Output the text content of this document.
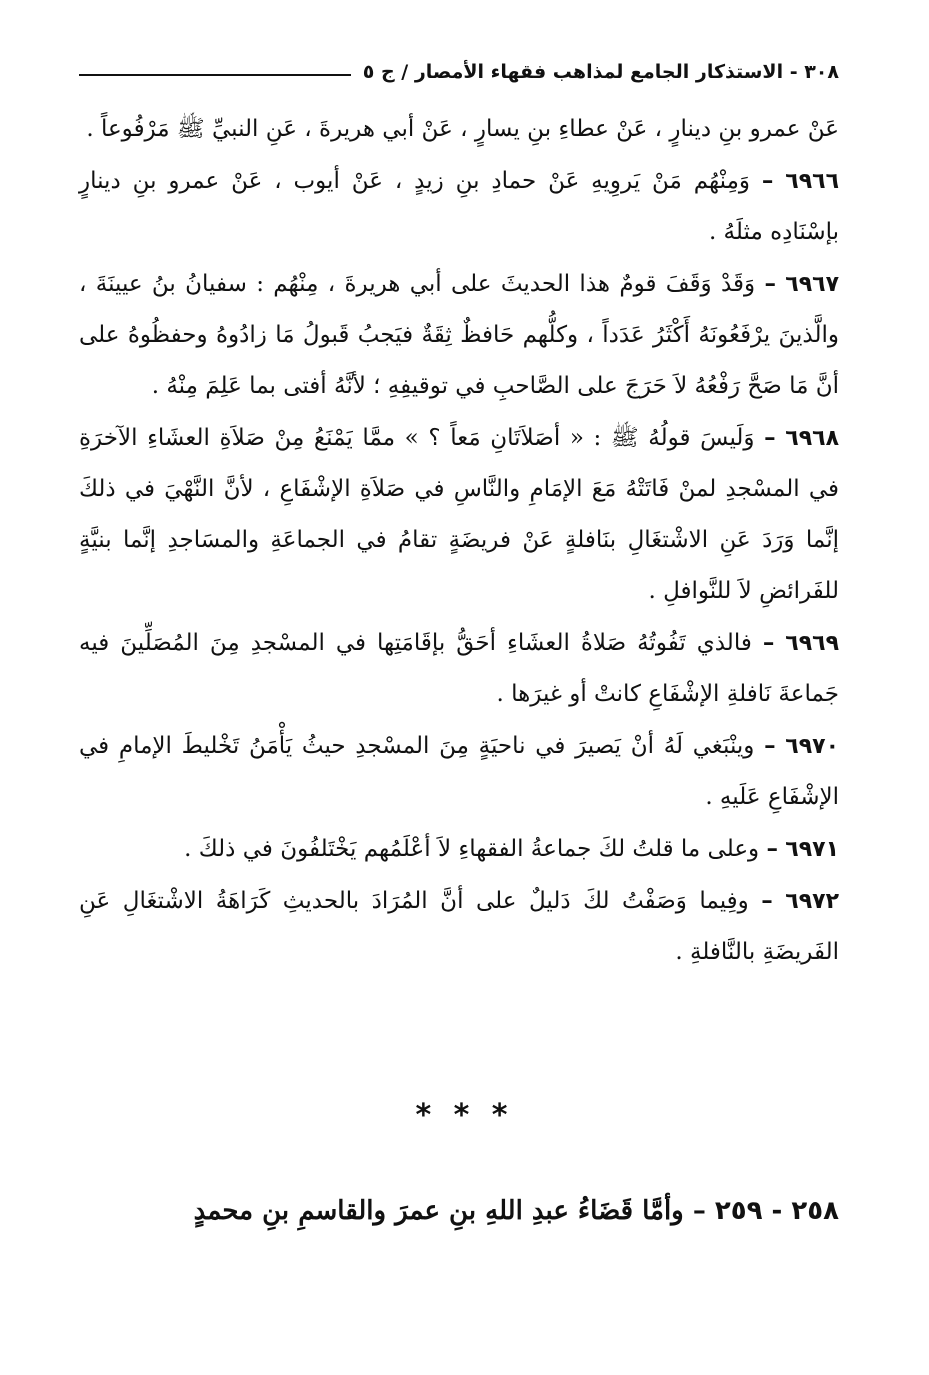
٣٠٨ - الاستذكار الجامع لمذاهب فقهاء الأمصار / ج ٥

عَنْ عمرو بنِ دينارٍ ، عَنْ عطاءِ بنِ يسارٍ ، عَنْ أبي هريرةَ ، عَنِ النبيِّ ﷺ مَرْفُوعاً .

٦٩٦٦ – وَمِنْهُم مَنْ يَروِيهِ عَنْ حمادِ بنِ زيدٍ ، عَنْ أيوب ، عَنْ عمرو بنِ دينارٍ بإسْنَادِه مثلَهُ .

٦٩٦٧ – وَقَدْ وَقَفَ قومٌ هذا الحديثَ على أبي هريرةَ ، مِنْهُم : سفيانُ بنُ عيينَةَ ، والَّذينَ يرْفَعُونَهُ أَكْثَرُ عَدَداً ، وكلُّهم حَافظٌ ثِقَةٌ فيَجبُ قَبولُ مَا زادُوهُ وحفظُوهُ على أنَّ مَا صَحَّ رَفْعُهُ لاَ حَرَجَ على الصَّاحبِ في توقيفِهِ ؛ لأنَّهُ أفتى بما عَلِمَ مِنْهُ .

٦٩٦٨ – وَلَيسَ قولُهُ ﷺ : « أصَلاَتَانِ مَعاً ؟ » ممَّا يَمْنَعُ مِنْ صَلاَةِ العشَاءِ الآخرَةِ في المسْجدِ لمنْ فَاتَتْهُ مَعَ الإمَامِ والنَّاسِ في صَلاَةِ الإشْفَاعِ ، لأنَّ النَّهْيَ في ذلكَ إنَّما وَرَدَ عَنِ الاشْتغَالِ بنَافلةٍ عَنْ فريضَةٍ تقامُ في الجماعَةِ والمسَاجدِ إنَّما بنيَّةٍ للفَرائضِ لاَ للنَّوافلِ .

٦٩٦٩ – فالذي تَفُوتُهُ صَلاةُ العشَاءِ أحَقُّ بإقَامَتِها في المسْجدِ مِنَ المُصَلِّينَ فيه جَماعةَ نَافلةِ الإشْفَاعِ كانتْ أو غيرَها .

٦٩٧٠ – وينْبَغي لَهُ أنْ يَصيرَ في ناحيَةٍ مِنَ المسْجدِ حيثُ يَأْمَنُ تَخْليطَ الإمامِ في الإشْفَاعِ عَلَيهِ .

٦٩٧١ – وعلى ما قلتُ لكَ جماعةُ الفقهاءِ لاَ أعْلَمُهم يَخْتَلفُونَ في ذلكَ .

٦٩٧٢ – وفِيما وَصَفْتُ لكَ دَليلٌ على أنَّ المُرَادَ بالحديثِ كَرَاهَةُ الاشْتغَالِ عَنِ الفَريضَةِ بالنَّافلةِ .

* * *
٢٥٨ - ٢٥٩ – وأمَّا قَضَاءُ عبدِ اللهِ بنِ عمرَ والقاسمِ بنِ محمدٍ
